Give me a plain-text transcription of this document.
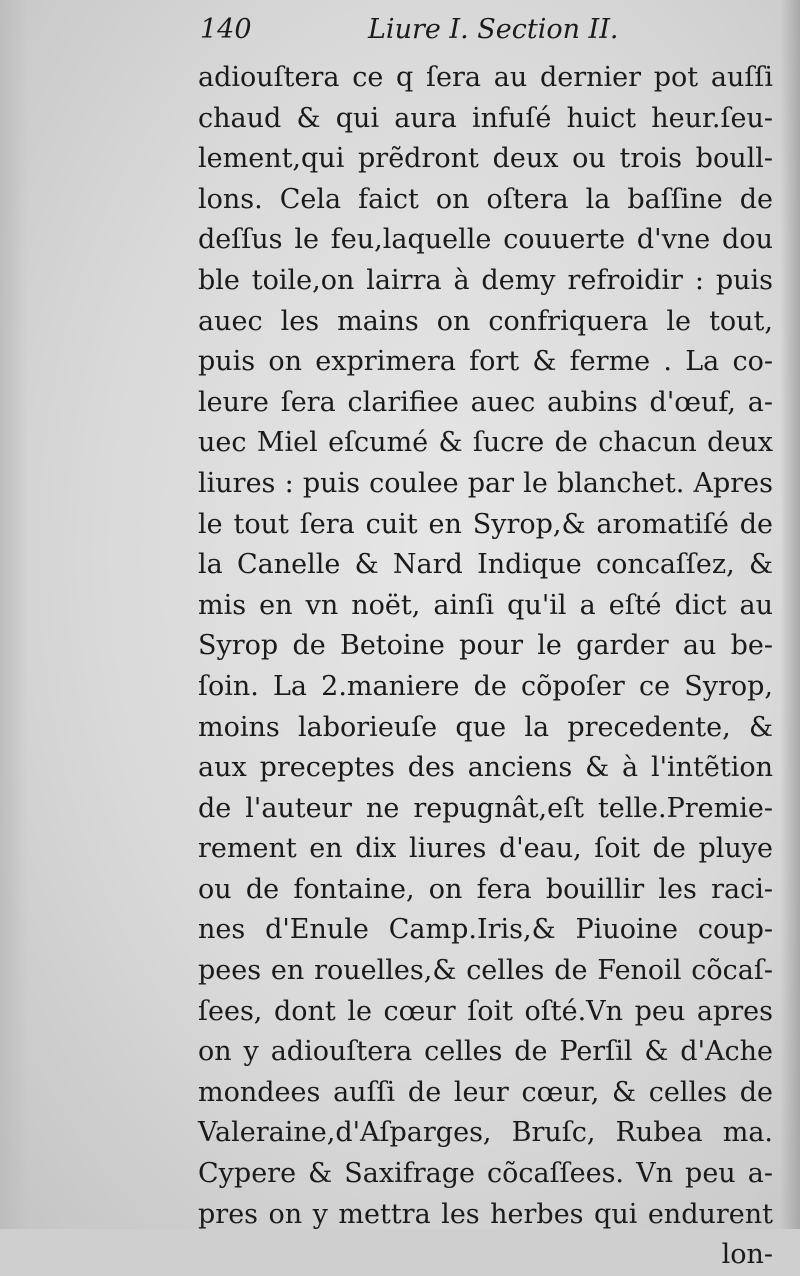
140	Liure I. Section II.
adiouſtera ce q ſera au dernier pot auſſi
chaud & qui aura infuſé huict heur.ſeu-
lement,qui prẽdront deux ou trois boull-
lons. Cela faict on oſtera la baſſine de
deſſus le feu,laquelle couuerte d'vne dou
ble toile,on lairra à demy refroidir : puis
auec les mains on confriquera le tout,
puis on exprimera fort & ferme . La co-
leure ſera clarifiee auec aubins d'œuf, a-
uec Miel eſcumé & ſucre de chacun deux
liures : puis coulee par le blanchet. Apres
le tout ſera cuit en Syrop,& aromatiſé de
la Canelle & Nard Indique concaſſez, &
mis en vn noët, ainſi qu'il a eſté dict au
Syrop de Betoine pour le garder au be-
ſoin. La 2.maniere de cõpoſer ce Syrop,
moins laborieuſe que la precedente, &
aux preceptes des anciens & à l'intẽtion
de l'auteur ne repugnât,eſt telle.Premie-
rement en dix liures d'eau, ſoit de pluye
ou de fontaine, on fera bouillir les raci-
nes d'Enule Camp.Iris,& Piuoine coup-
pees en rouelles,& celles de Fenoil cõcaſ-
ſees, dont le cœur ſoit oſté.Vn peu apres
on y adiouſtera celles de Perſil & d'Ache
mondees auſſi de leur cœur, & celles de
Valeraine,d'Aſparges, Bruſc, Rubea ma.
Cypere & Saxifrage cõcaſſees. Vn peu a-
pres on y mettra les herbes qui endurent
lon-
